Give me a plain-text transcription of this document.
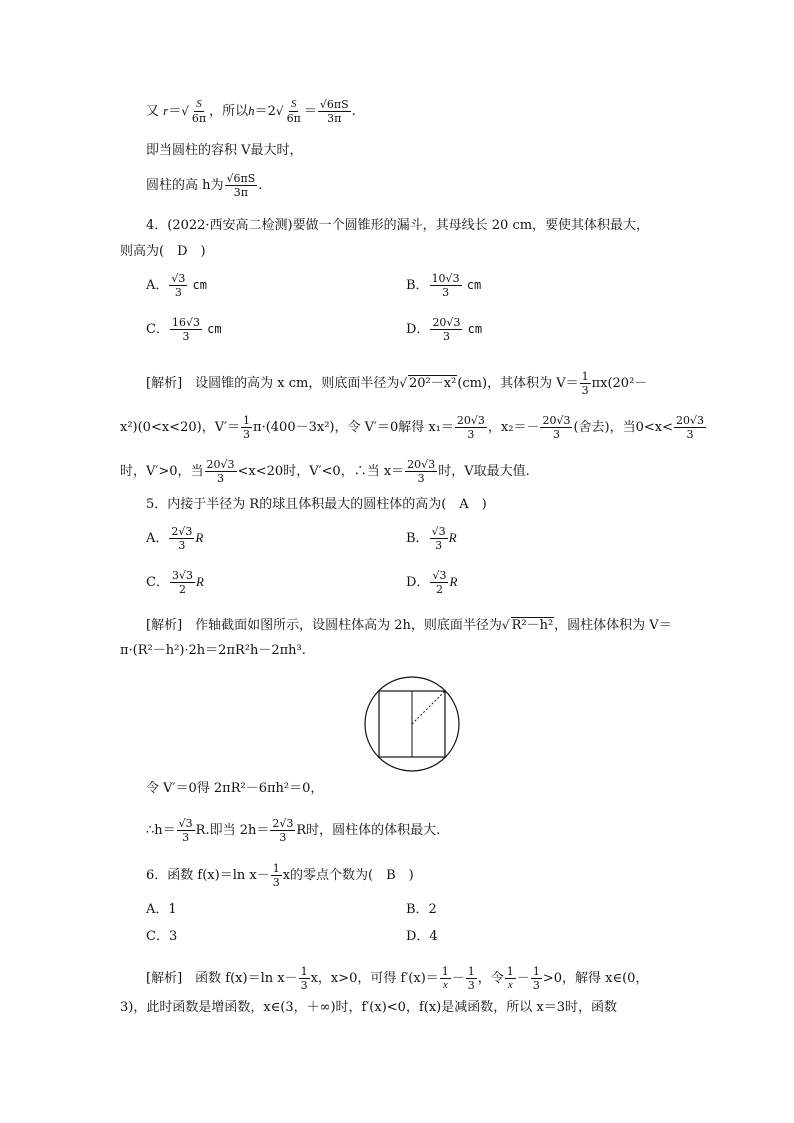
又 $r=√ \frac{S}{6\pi}$ ，所以$h=2√ \frac{S}{6\pi} = \frac{√6\pi S}{3\pi}$ .
即当圆柱的容积 V最大时，
圆柱的高 h为 $\frac{√6\pi S}{3\pi}$ .
4．(2022·西安高二检测)要做一个圆锥形的漏斗，其母线长 20 cm，要使其体积最大，
则高为(　D　)
A． $\frac{√3}{3}$ cm	B． $\frac{10√3}{3}$ cm
C． $\frac{16√3}{3}$ cm	D． $\frac{20√3}{3}$ cm
[解析]　设圆锥的高为 x cm，则底面半径为√ 20²－x²(cm)，其体积为 $V= \frac{1}{3} \pi x(20^2-$
x²)(0<x<20)，$V'= \frac{1}{3} \pi\cdot(400-3x^2)$，令 V′＝0解得 $x_1= \frac{20√3}{3}$ ，$x_2=- \frac{20√3}{3}$ (舍去)，当$0<x< \frac{20√3}{3}$
时，V′>0，当 $\frac{20√3}{3} <x<20$时，V′<0，∴当 $x= \frac{20√3}{3}$ 时，V取最大值.
5．内接于半径为 R的球且体积最大的圆柱体的高为(　A　)
A． $\frac{2√3}{3}$ R	B． $\frac{√3}{3}$ R
C． $\frac{3√3}{2}$ R	D． $\frac{√3}{2}$ R
[解析]　作轴截面如图所示，设圆柱体高为 2h，则底面半径为√ R²－h²，圆柱体体积为 V＝
π·(R²－h²)·2h＝2πR²h－2πh³.
令 V′＝0得 2πR²－6πh²＝0，
∴h＝ $\frac{√3}{3} R$.即当 $2h= \frac{2√3}{3}$ R时，圆柱体的体积最大.
6．函数 f(x)＝ln $x- \frac{1}{3}$ x的零点个数为(　B　)
A．1	B．2
C．3	D．4
[解析]　函数 f(x)＝ln $x- \frac{1}{3}$ x，x>0，可得 $f'(x)= \frac{1}{x} - \frac{1}{3}$ ，令 $\frac{1}{x} - \frac{1}{3} >0$，解得 x∈(0，
3)，此时函数是增函数，x∈(3，＋∞)时，f′(x)<0，f(x)是减函数，所以 x＝3时，函数
